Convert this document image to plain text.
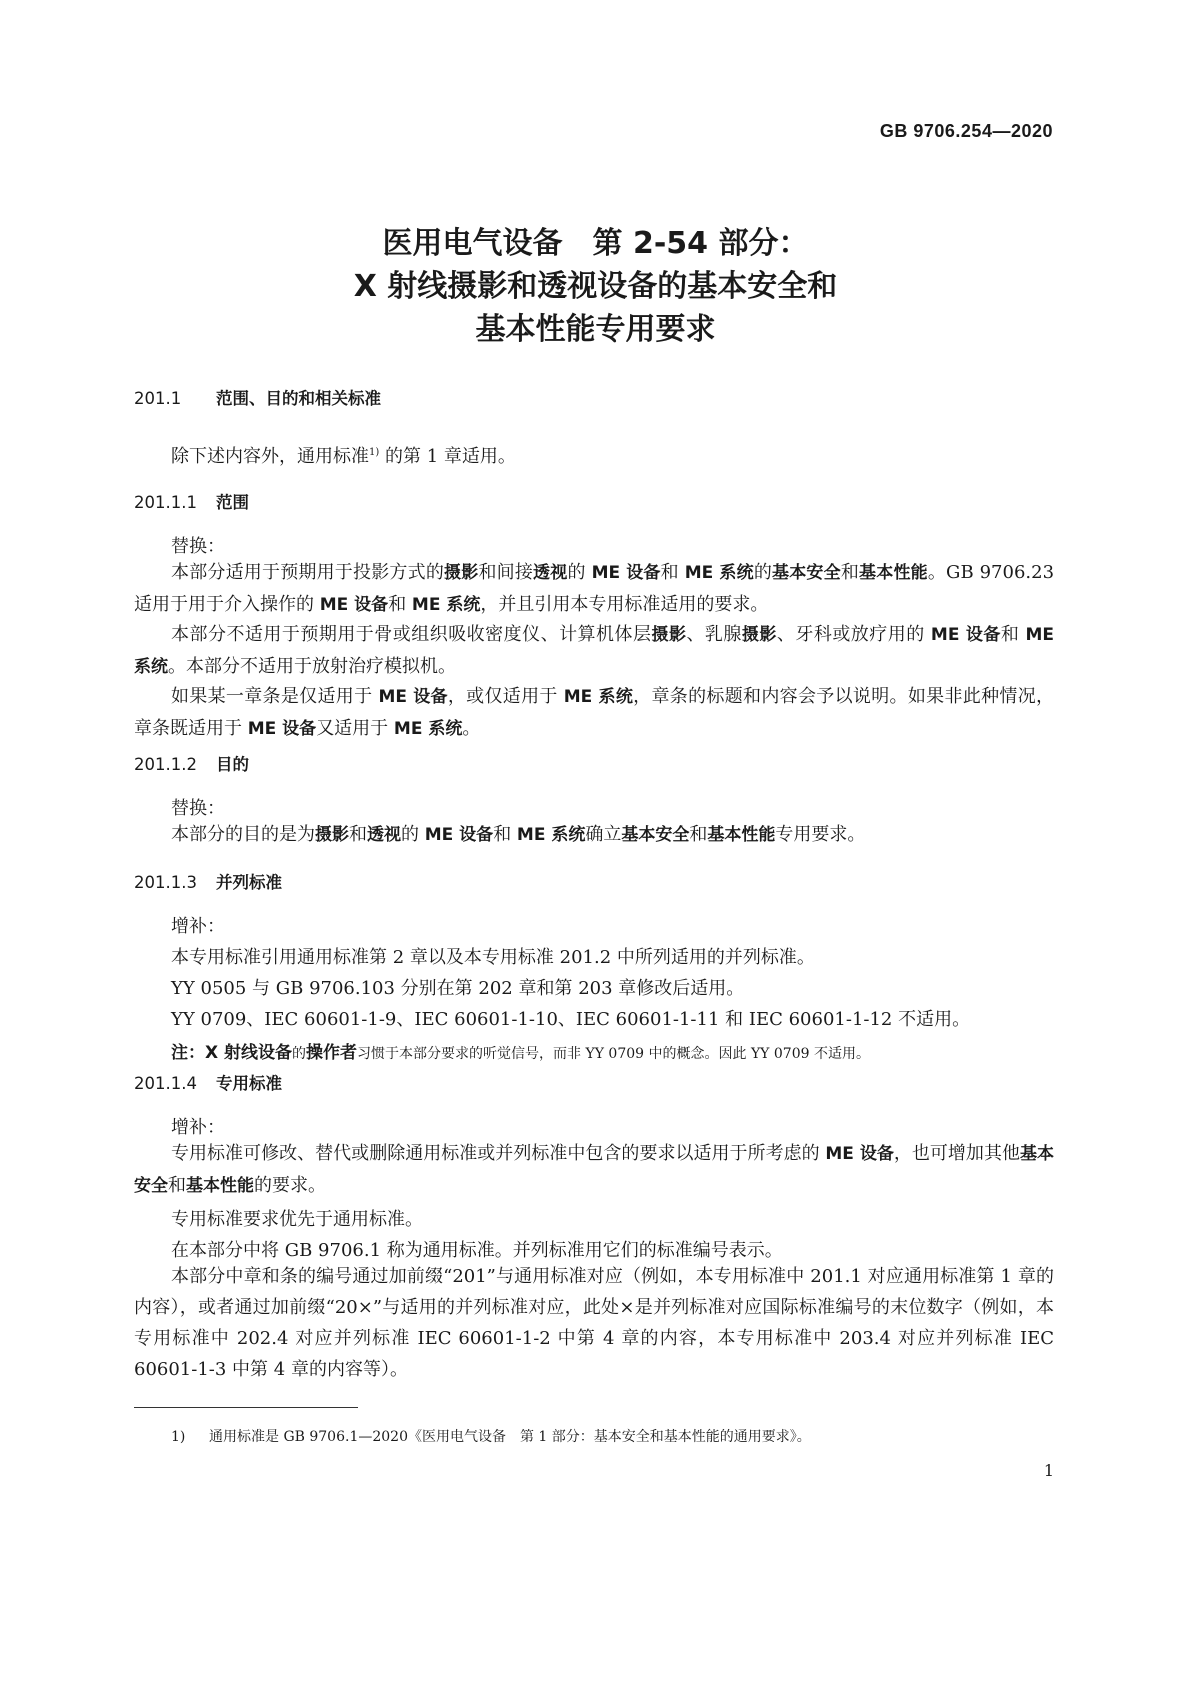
GB 9706.254—2020
医用电气设备　第 2-54 部分：
X 射线摄影和透视设备的基本安全和
基本性能专用要求
201.1 范围、目的和相关标准
除下述内容外，通用标准$^{1)}$ 的第 1 章适用。
201.1.1 范围
替换：
本部分适用于预期用于投影方式的摄影和间接透视的 ME 设备和 ME 系统的基本安全和基本性能。GB 9706.23 适用于用于介入操作的 ME 设备和 ME 系统，并且引用本专用标准适用的要求。
本部分不适用于预期用于骨或组织吸收密度仪、计算机体层摄影、乳腺摄影、牙科或放疗用的 ME 设备和 ME 系统。本部分不适用于放射治疗模拟机。
如果某一章条是仅适用于 ME 设备，或仅适用于 ME 系统，章条的标题和内容会予以说明。如果非此种情况，章条既适用于 ME 设备又适用于 ME 系统。
201.1.2 目的
替换：
本部分的目的是为摄影和透视的 ME 设备和 ME 系统确立基本安全和基本性能专用要求。
201.1.3 并列标准
增补：
本专用标准引用通用标准第 2 章以及本专用标准 201.2 中所列适用的并列标准。
YY 0505 与 GB 9706.103 分别在第 202 章和第 203 章修改后适用。
YY 0709、IEC 60601-1-9、IEC 60601-1-10、IEC 60601-1-11 和 IEC 60601-1-12 不适用。
注：X 射线设备的操作者习惯于本部分要求的听觉信号，而非 YY 0709 中的概念。因此 YY 0709 不适用。
201.1.4 专用标准
增补：
专用标准可修改、替代或删除通用标准或并列标准中包含的要求以适用于所考虑的 ME 设备，也可增加其他基本安全和基本性能的要求。
专用标准要求优先于通用标准。
在本部分中将 GB 9706.1 称为通用标准。并列标准用它们的标准编号表示。
本部分中章和条的编号通过加前缀“201”与通用标准对应（例如，本专用标准中 201.1 对应通用标准第 1 章的内容），或者通过加前缀“20×”与适用的并列标准对应，此处×是并列标准对应国际标准编号的末位数字（例如，本专用标准中 202.4 对应并列标准 IEC 60601-1-2 中第 4 章的内容，本专用标准中 203.4 对应并列标准 IEC 60601-1-3 中第 4 章的内容等）。
1) 通用标准是 GB 9706.1—2020《医用电气设备　第 1 部分：基本安全和基本性能的通用要求》。
1
